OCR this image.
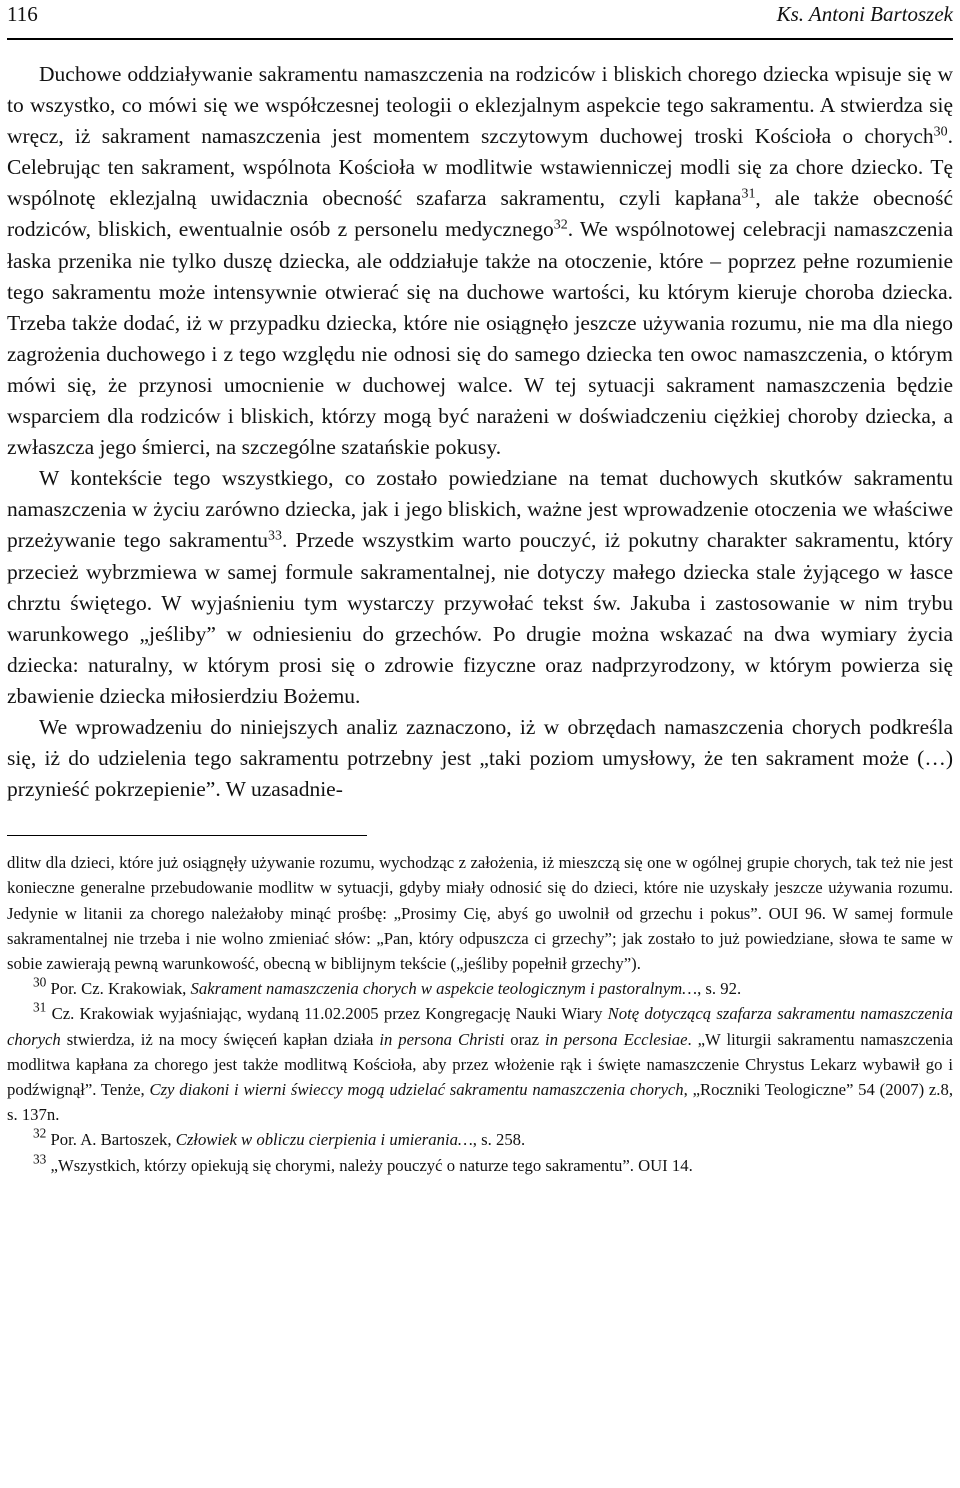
116	Ks. Antoni Bartoszek

Duchowe oddziaływanie sakramentu namaszczenia na rodziców i bliskich chorego dziecka wpisuje się w to wszystko, co mówi się we współczesnej teologii o eklezjalnym aspekcie tego sakramentu. A stwierdza się wręcz, iż sakrament namaszczenia jest momentem szczytowym duchowej troski Kościoła o chorych$^{30}$. Celebrując ten sakrament, wspólnota Kościoła w modlitwie wstawienniczej modli się za chore dziecko. Tę wspólnotę eklezjalną uwidacznia obecność szafarza sakramentu, czyli kapłana$^{31}$, ale także obecność rodziców, bliskich, ewentualnie osób z personelu medycznego$^{32}$. We wspólnotowej celebracji namaszczenia łaska przenika nie tylko duszę dziecka, ale oddziałuje także na otoczenie, które – poprzez pełne rozumienie tego sakramentu może intensywnie otwierać się na duchowe wartości, ku którym kieruje choroba dziecka. Trzeba także dodać, iż w przypadku dziecka, które nie osiągnęło jeszcze używania rozumu, nie ma dla niego zagrożenia duchowego i z tego względu nie odnosi się do samego dziecka ten owoc namaszczenia, o którym mówi się, że przynosi umocnienie w duchowej walce. W tej sytuacji sakrament namaszczenia będzie wsparciem dla rodziców i bliskich, którzy mogą być narażeni w doświadczeniu ciężkiej choroby dziecka, a zwłaszcza jego śmierci, na szczególne szatańskie pokusy.

W kontekście tego wszystkiego, co zostało powiedziane na temat duchowych skutków sakramentu namaszczenia w życiu zarówno dziecka, jak i jego bliskich, ważne jest wprowadzenie otoczenia we właściwe przeżywanie tego sakramentu$^{33}$. Przede wszystkim warto pouczyć, iż pokutny charakter sakramentu, który przecież wybrzmiewa w samej formule sakramentalnej, nie dotyczy małego dziecka stale żyjącego w łasce chrztu świętego. W wyjaśnieniu tym wystarczy przywołać tekst św. Jakuba i zastosowanie w nim trybu warunkowego „jeśliby” w odniesieniu do grzechów. Po drugie można wskazać na dwa wymiary życia dziecka: naturalny, w którym prosi się o zdrowie fizyczne oraz nadprzyrodzony, w którym powierza się zbawienie dziecka miłosierdziu Bożemu.

We wprowadzeniu do niniejszych analiz zaznaczono, iż w obrzędach namaszczenia chorych podkreśla się, iż do udzielenia tego sakramentu potrzebny jest „taki poziom umysłowy, że ten sakrament może (…) przynieść pokrzepienie”. W uzasadnie-

dlitw dla dzieci, które już osiągnęły używanie rozumu, wychodząc z założenia, iż mieszczą się one w ogólnej grupie chorych, tak też nie jest konieczne generalne przebudowanie modlitw w sytuacji, gdyby miały odnosić się do dzieci, które nie uzyskały jeszcze używania rozumu. Jedynie w litanii za chorego należałoby minąć prośbę: „Prosimy Cię, abyś go uwolnił od grzechu i pokus”. OUI 96. W samej formule sakramentalnej nie trzeba i nie wolno zmieniać słów: „Pan, który odpuszcza ci grzechy”; jak zostało to już powiedziane, słowa te same w sobie zawierają pewną warunkowość, obecną w biblijnym tekście („jeśliby popełnił grzechy”).

$^{30}$ Por. Cz. Krakowiak, Sakrament namaszczenia chorych w aspekcie teologicznym i pastoralnym…, s. 92.

$^{31}$ Cz. Krakowiak wyjaśniając, wydaną 11.02.2005 przez Kongregację Nauki Wiary Notę dotyczącą szafarza sakramentu namaszczenia chorych stwierdza, iż na mocy święceń kapłan działa in persona Christi oraz in persona Ecclesiae. „W liturgii sakramentu namaszczenia modlitwa kapłana za chorego jest także modlitwą Kościoła, aby przez włożenie rąk i święte namaszczenie Chrystus Lekarz wybawił go i podźwignął”. Tenże, Czy diakoni i wierni świeccy mogą udzielać sakramentu namaszczenia chorych, „Roczniki Teologiczne” 54 (2007) z.8, s. 137n.

$^{32}$ Por. A. Bartoszek, Człowiek w obliczu cierpienia i umierania…, s. 258.

$^{33}$ „Wszystkich, którzy opiekują się chorymi, należy pouczyć o naturze tego sakramentu”. OUI 14.
